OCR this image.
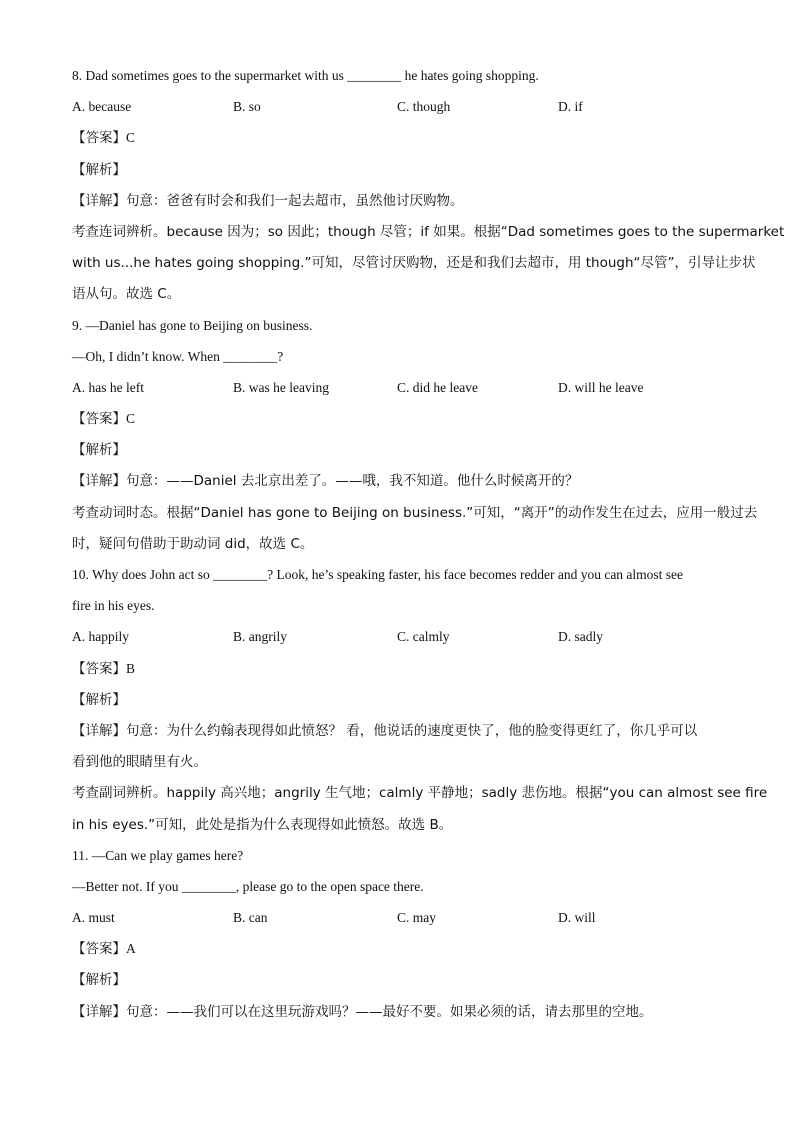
8. Dad sometimes goes to the supermarket with us ________ he hates going shopping.
A. because	B. so	C. though	D. if
【答案】C
【解析】
【详解】句意：爸爸有时会和我们一起去超市，虽然他讨厌购物。
考查连词辨析。because 因为；so 因此；though 尽管；if 如果。根据“Dad sometimes goes to the supermarket
with us...he hates going shopping.”可知，尽管讨厌购物，还是和我们去超市，用 though“尽管”，引导让步状
语从句。故选 C。
9. —Daniel has gone to Beijing on business.
—Oh, I didn’t know. When ________?
A. has he left	B. was he leaving	C. did he leave	D. will he leave
【答案】C
【解析】
【详解】句意：——Daniel 去北京出差了。——哦，我不知道。他什么时候离开的？
考查动词时态。根据“Daniel has gone to Beijing on business.”可知，“离开”的动作发生在过去，应用一般过去
时，疑问句借助于助动词 did，故选 C。
10. Why does John act so ________? Look, he’s speaking faster, his face becomes redder and you can almost see
fire in his eyes.
A. happily	B. angrily	C. calmly	D. sadly
【答案】B
【解析】
【详解】句意：为什么约翰表现得如此愤怒？ 看，他说话的速度更快了，他的脸变得更红了，你几乎可以
看到他的眼睛里有火。
考查副词辨析。happily 高兴地；angrily 生气地；calmly 平静地；sadly 悲伤地。根据“you can almost see fire
in his eyes.”可知，此处是指为什么表现得如此愤怒。故选 B。
11. —Can we play games here?
—Better not. If you ________, please go to the open space there.
A. must	B. can	C. may	D. will
【答案】A
【解析】
【详解】句意：——我们可以在这里玩游戏吗？——最好不要。如果必须的话，请去那里的空地。
